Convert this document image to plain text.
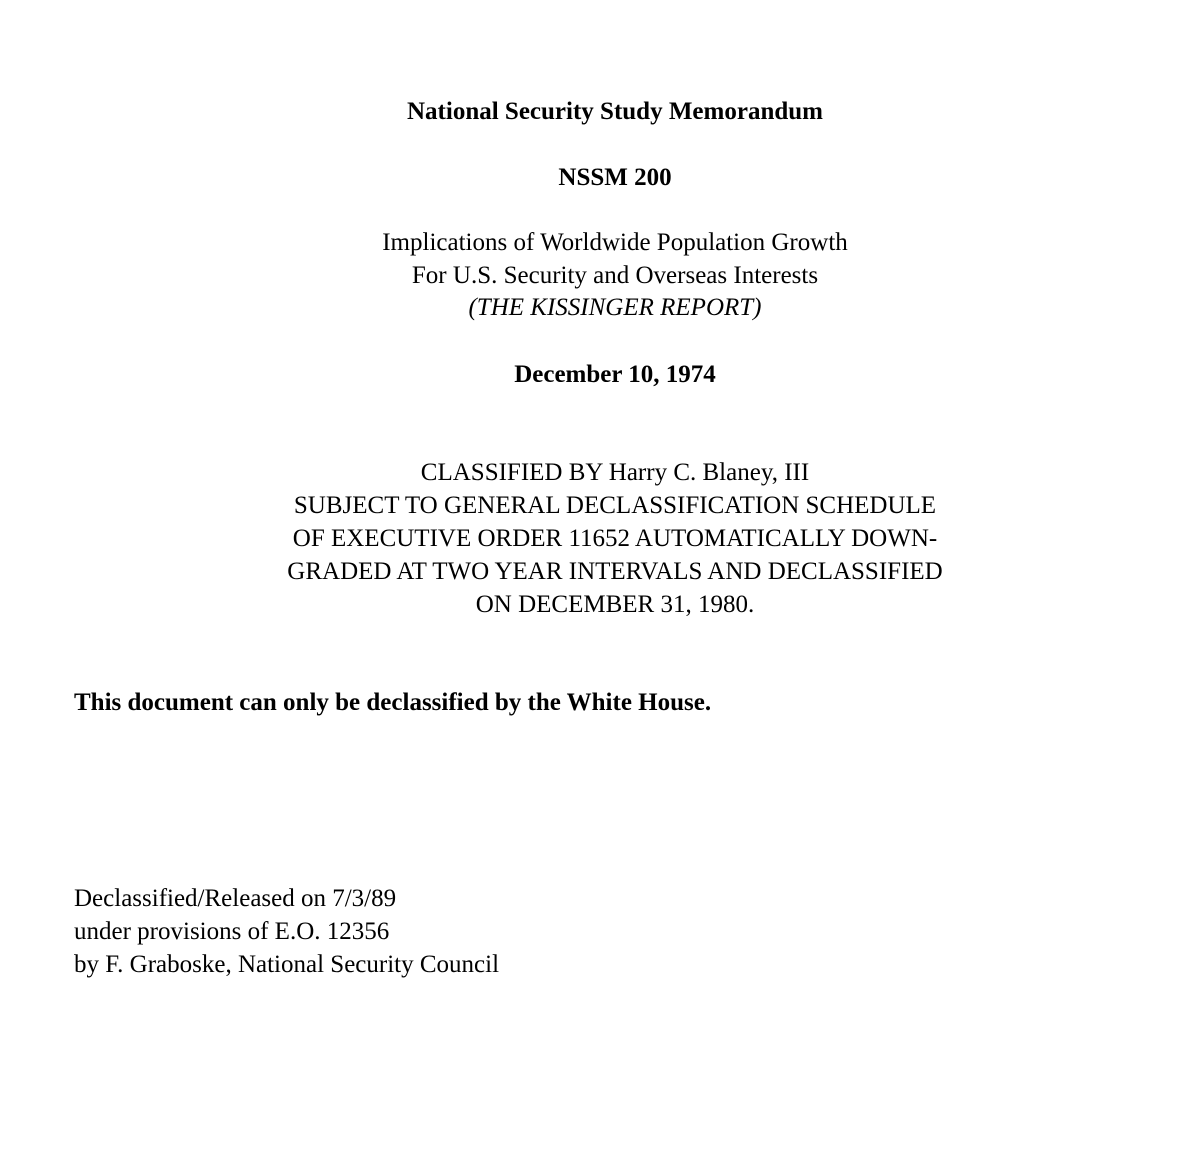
National Security Study Memorandum
NSSM 200
Implications of Worldwide Population Growth
For U.S. Security and Overseas Interests
(THE KISSINGER REPORT)
December 10, 1974
CLASSIFIED BY Harry C. Blaney, III
SUBJECT TO GENERAL DECLASSIFICATION SCHEDULE
OF EXECUTIVE ORDER 11652 AUTOMATICALLY DOWN-
GRADED AT TWO YEAR INTERVALS AND DECLASSIFIED
ON DECEMBER 31, 1980.
This document can only be declassified by the White House.
Declassified/Released on 7/3/89
under provisions of E.O. 12356
by F. Graboske, National Security Council
